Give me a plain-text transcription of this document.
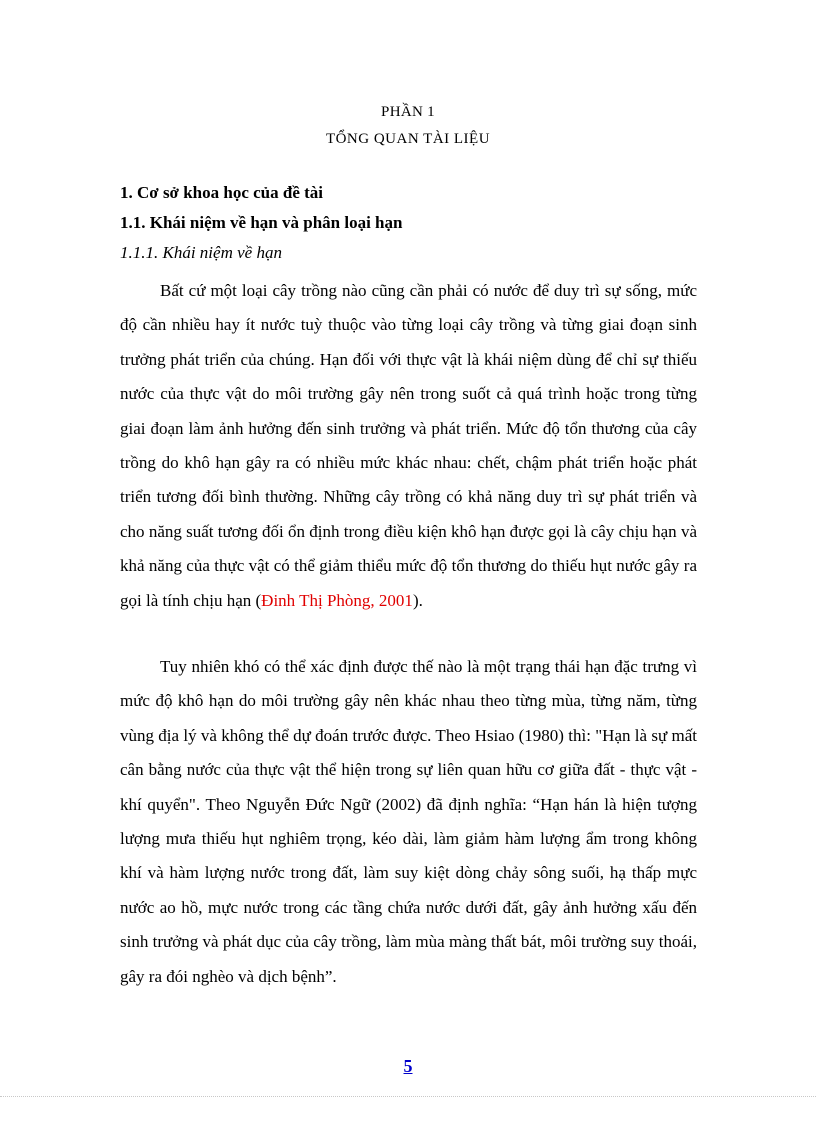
PHẦN 1
TỔNG QUAN TÀI LIỆU
1. Cơ sở khoa học của đề tài
1.1. Khái niệm về hạn và phân loại hạn
1.1.1. Khái niệm về hạn
Bất cứ một loại cây trồng nào cũng cần phải có nước để duy trì sự sống, mức độ cần nhiều hay ít nước tuỳ thuộc vào từng loại cây trồng và từng giai đoạn sinh trưởng phát triển của chúng. Hạn đối với thực vật là khái niệm dùng để chỉ sự thiếu nước của thực vật do môi trường gây nên trong suốt cả quá trình hoặc trong từng giai đoạn làm ảnh hưởng đến sinh trưởng và phát triển. Mức độ tổn thương của cây trồng do khô hạn gây ra có nhiều mức khác nhau: chết, chậm phát triển hoặc phát triển tương đối bình thường. Những cây trồng có khả năng duy trì sự phát triển và cho năng suất tương đối ổn định trong điều kiện khô hạn được gọi là cây chịu hạn và khả năng của thực vật có thể giảm thiểu mức độ tổn thương do thiếu hụt nước gây ra gọi là tính chịu hạn (Đinh Thị Phòng, 2001).
Tuy nhiên khó có thể xác định được thế nào là một trạng thái hạn đặc trưng vì mức độ khô hạn do môi trường gây nên khác nhau theo từng mùa, từng năm, từng vùng địa lý và không thể dự đoán trước được. Theo Hsiao (1980) thì: "Hạn là sự mất cân bằng nước của thực vật thể hiện trong sự liên quan hữu cơ giữa đất - thực vật - khí quyển". Theo Nguyễn Đức Ngữ (2002) đã định nghĩa: “Hạn hán là hiện tượng lượng mưa thiếu hụt nghiêm trọng, kéo dài, làm giảm hàm lượng ẩm trong không khí và hàm lượng nước trong đất, làm suy kiệt dòng chảy sông suối, hạ thấp mực nước ao hồ, mực nước trong các tầng chứa nước dưới đất, gây ảnh hưởng xấu đến sinh trưởng và phát dục của cây trồng, làm mùa màng thất bát, môi trường suy thoái, gây ra đói nghèo và dịch bệnh”.
5
